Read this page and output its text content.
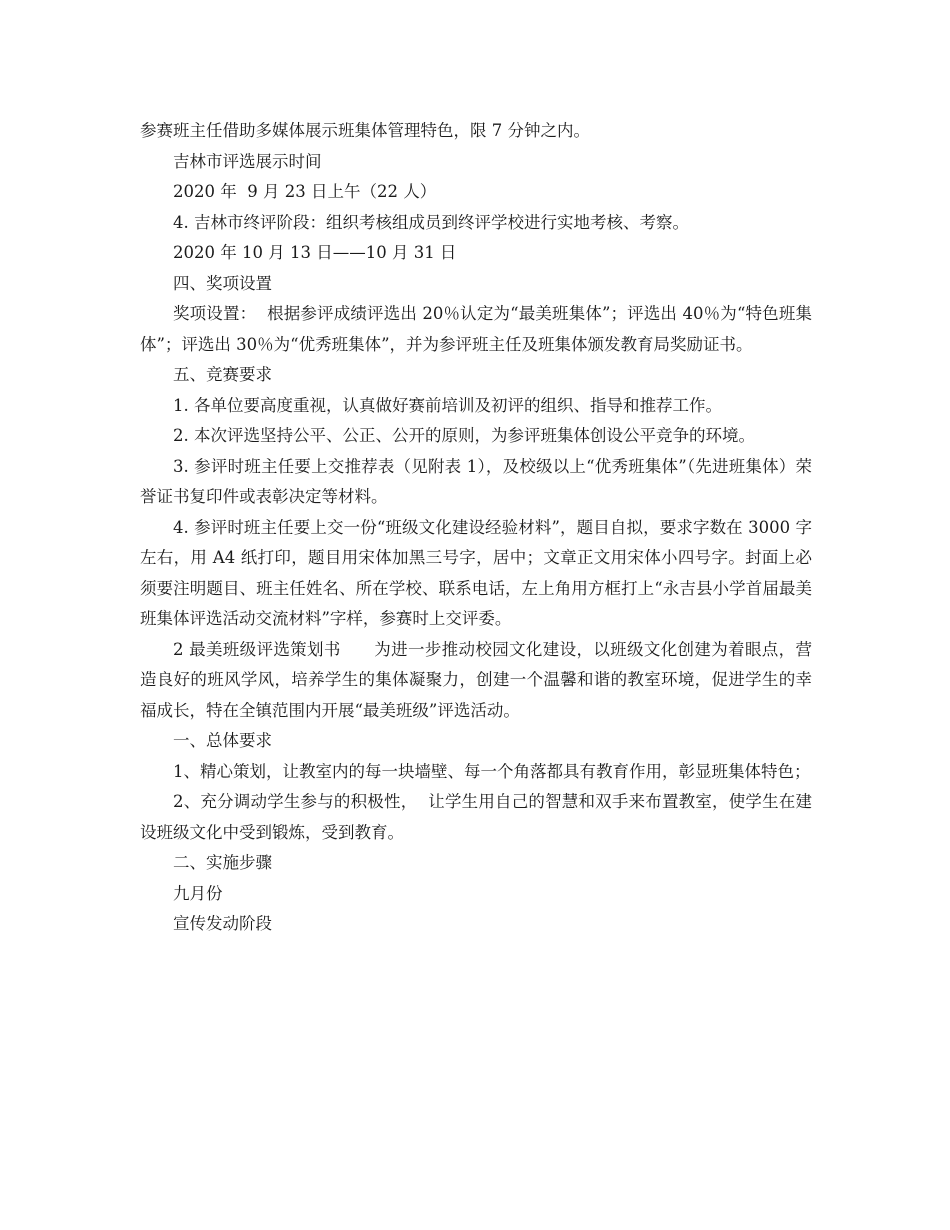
参赛班主任借助多媒体展示班集体管理特色，限 7 分钟之内。

吉林市评选展示时间

2020 年  9 月 23 日上午（22 人）

4. 吉林市终评阶段：组织考核组成员到终评学校进行实地考核、考察。

2020 年 10 月 13 日——10 月 31 日

四、奖项设置

奖项设置：  根据参评成绩评选出 20％认定为“最美班集体”；评选出 40％为“特色班集体”；评选出 30％为“优秀班集体”，并为参评班主任及班集体颁发教育局奖励证书。

五、竞赛要求

1. 各单位要高度重视，认真做好赛前培训及初评的组织、指导和推荐工作。

2. 本次评选坚持公平、公正、公开的原则，为参评班集体创设公平竞争的环境。

3. 参评时班主任要上交推荐表（见附表 1），及校级以上“优秀班集体”（先进班集体）荣誉证书复印件或表彰决定等材料。

4. 参评时班主任要上交一份“班级文化建设经验材料”，题目自拟，要求字数在 3000 字左右，用 A4 纸打印，题目用宋体加黑三号字，居中；文章正文用宋体小四号字。封面上必须要注明题目、班主任姓名、所在学校、联系电话，左上角用方框打上“永吉县小学首届最美班集体评选活动交流材料”字样，参赛时上交评委。

2 最美班级评选策划书      为进一步推动校园文化建设，以班级文化创建为着眼点，营造良好的班风学风，培养学生的集体凝聚力，创建一个温馨和谐的教室环境，促进学生的幸福成长，特在全镇范围内开展“最美班级”评选活动。

一、总体要求

1、精心策划，让教室内的每一块墙壁、每一个角落都具有教育作用，彰显班集体特色；

2、充分调动学生参与的积极性，  让学生用自己的智慧和双手来布置教室，使学生在建设班级文化中受到锻炼，受到教育。

二、实施步骤

九月份

宣传发动阶段
